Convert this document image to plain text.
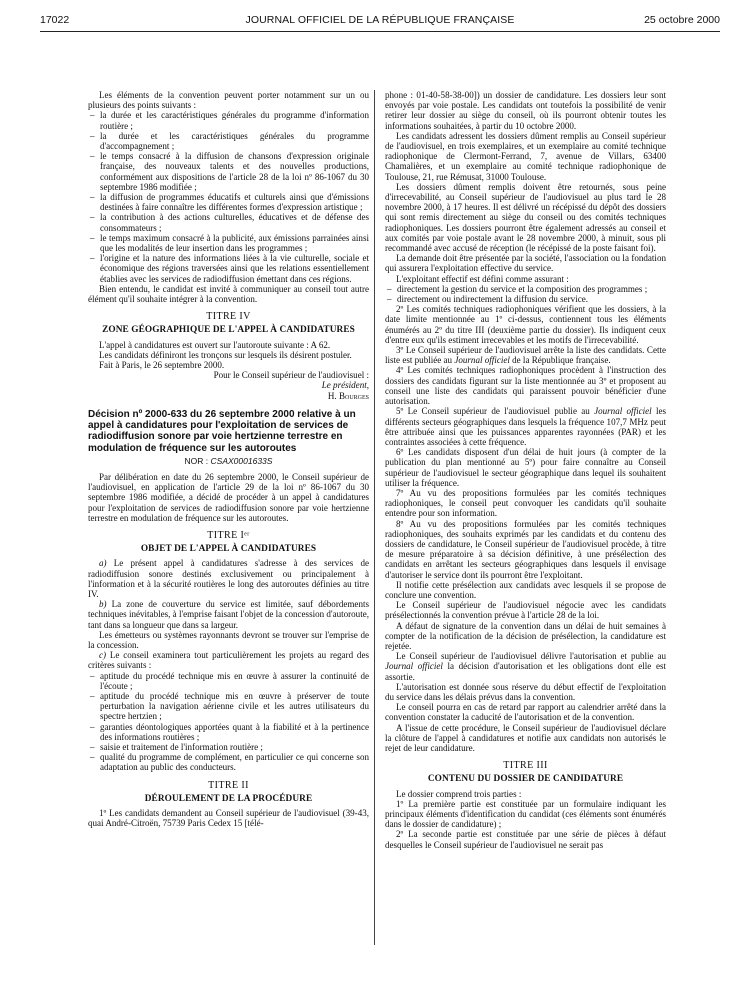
17022	JOURNAL OFFICIEL DE LA RÉPUBLIQUE FRANÇAISE	25 octobre 2000

Les éléments de la convention peuvent porter notamment sur un ou plusieurs des points suivants :

– la durée et les caractéristiques générales du programme d'information routière ;
– la durée et les caractéristiques générales du programme d'accompagnement ;
– le temps consacré à la diffusion de chansons d'expression originale française, des nouveaux talents et des nouvelles productions, conformément aux dispositions de l'article 28 de la loi nº 86-1067 du 30 septembre 1986 modifiée ;
– la diffusion de programmes éducatifs et culturels ainsi que d'émissions destinées à faire connaître les différentes formes d'expression artistique ;
– la contribution à des actions culturelles, éducatives et de défense des consommateurs ;
– le temps maximum consacré à la publicité, aux émissions parrainées ainsi que les modalités de leur insertion dans les programmes ;
– l'origine et la nature des informations liées à la vie culturelle, sociale et économique des régions traversées ainsi que les relations essentiellement établies avec les services de radiodiffusion émettant dans ces régions.

Bien entendu, le candidat est invité à communiquer au conseil tout autre élément qu'il souhaite intégrer à la convention.

TITRE IV
ZONE GÉOGRAPHIQUE DE L'APPEL À CANDIDATURES

L'appel à candidatures est ouvert sur l'autoroute suivante : A 62.

Les candidats définiront les tronçons sur lesquels ils désirent postuler.

Fait à Paris, le 26 septembre 2000.

Pour le Conseil supérieur de l'audiovisuel :

Le président,

H. Bourges

Décision nº 2000-633 du 26 septembre 2000 relative à un appel à candidatures pour l'exploitation de services de radiodiffusion sonore par voie hertzienne terrestre en modulation de fréquence sur les autoroutes
NOR : CSAX0001633S

Par délibération en date du 26 septembre 2000, le Conseil supérieur de l'audiovisuel, en application de l'article 29 de la loi nº 86-1067 du 30 septembre 1986 modifiée, a décidé de procéder à un appel à candidatures pour l'exploitation de services de radiodiffusion sonore par voie hertzienne terrestre en modulation de fréquence sur les autoroutes.

TITRE Iᵉʳ
OBJET DE L'APPEL À CANDIDATURES

a) Le présent appel à candidatures s'adresse à des services de radiodiffusion sonore destinés exclusivement ou principalement à l'information et à la sécurité routières le long des autoroutes définies au titre IV.

b) La zone de couverture du service est limitée, sauf débordements techniques inévitables, à l'emprise faisant l'objet de la concession d'autoroute, tant dans sa longueur que dans sa largeur.

Les émetteurs ou systèmes rayonnants devront se trouver sur l'emprise de la concession.

c) Le conseil examinera tout particulièrement les projets au regard des critères suivants :

– aptitude du procédé technique mis en œuvre à assurer la continuité de l'écoute ;
– aptitude du procédé technique mis en œuvre à préserver de toute perturbation la navigation aérienne civile et les autres utilisateurs du spectre hertzien ;
– garanties déontologiques apportées quant à la fiabilité et à la pertinence des informations routières ;
– saisie et traitement de l'information routière ;
– qualité du programme de complément, en particulier ce qui concerne son adaptation au public des conducteurs.
TITRE II
DÉROULEMENT DE LA PROCÉDURE

1º Les candidats demandent au Conseil supérieur de l'audiovisuel (39-43, quai André-Citroën, 75739 Paris Cedex 15 [télé-

phone : 01-40-58-38-00]) un dossier de candidature. Les dossiers leur sont envoyés par voie postale. Les candidats ont toutefois la possibilité de venir retirer leur dossier au siège du conseil, où ils pourront obtenir toutes les informations souhaitées, à partir du 10 octobre 2000.

Les candidats adressent les dossiers dûment remplis au Conseil supérieur de l'audiovisuel, en trois exemplaires, et un exemplaire au comité technique radiophonique de Clermont-Ferrand, 7, avenue de Villars, 63400 Chamalières, et un exemplaire au comité technique radiophonique de Toulouse, 21, rue Rémusat, 31000 Toulouse.

Les dossiers dûment remplis doivent être retournés, sous peine d'irrecevabilité, au Conseil supérieur de l'audiovisuel au plus tard le 28 novembre 2000, à 17 heures. Il est délivré un récépissé du dépôt des dossiers qui sont remis directement au siège du conseil ou des comités techniques radiophoniques. Les dossiers pourront être également adressés au conseil et aux comités par voie postale avant le 28 novembre 2000, à minuit, sous pli recommandé avec accusé de réception (le récépissé de la poste faisant foi).

La demande doit être présentée par la société, l'association ou la fondation qui assurera l'exploitation effective du service.

L'exploitant effectif est défini comme assurant :

– directement la gestion du service et la composition des programmes ;
– directement ou indirectement la diffusion du service.

2º Les comités techniques radiophoniques vérifient que les dossiers, à la date limite mentionnée au 1º ci-dessus, contiennent tous les éléments énumérés au 2º du titre III (deuxième partie du dossier). Ils indiquent ceux d'entre eux qu'ils estiment irrecevables et les motifs de l'irrecevabilité.

3º Le Conseil supérieur de l'audiovisuel arrête la liste des candidats. Cette liste est publiée au Journal officiel de la République française.

4º Les comités techniques radiophoniques procèdent à l'instruction des dossiers des candidats figurant sur la liste mentionnée au 3º et proposent au conseil une liste des candidats qui paraissent pouvoir bénéficier d'une autorisation.

5º Le Conseil supérieur de l'audiovisuel publie au Journal officiel les différents secteurs géographiques dans lesquels la fréquence 107,7 MHz peut être attribuée ainsi que les puissances apparentes rayonnées (PAR) et les contraintes associées à cette fréquence.

6º Les candidats disposent d'un délai de huit jours (à compter de la publication du plan mentionné au 5º) pour faire connaître au Conseil supérieur de l'audiovisuel le secteur géographique dans lequel ils souhaitent utiliser la fréquence.

7º Au vu des propositions formulées par les comités techniques radiophoniques, le conseil peut convoquer les candidats qu'il souhaite entendre pour son information.

8º Au vu des propositions formulées par les comités techniques radiophoniques, des souhaits exprimés par les candidats et du contenu des dossiers de candidature, le Conseil supérieur de l'audiovisuel procède, à titre de mesure préparatoire à sa décision définitive, à une présélection des candidats en arrêtant les secteurs géographiques dans lesquels il envisage d'autoriser le service dont ils pourront être l'exploitant.

Il notifie cette présélection aux candidats avec lesquels il se propose de conclure une convention.

Le Conseil supérieur de l'audiovisuel négocie avec les candidats présélectionnés la convention prévue à l'article 28 de la loi.

A défaut de signature de la convention dans un délai de huit semaines à compter de la notification de la décision de présélection, la candidature est rejetée.

Le Conseil supérieur de l'audiovisuel délivre l'autorisation et publie au Journal officiel la décision d'autorisation et les obligations dont elle est assortie.

L'autorisation est donnée sous réserve du début effectif de l'exploitation du service dans les délais prévus dans la convention.

Le conseil pourra en cas de retard par rapport au calendrier arrêté dans la convention constater la caducité de l'autorisation et de la convention.

A l'issue de cette procédure, le Conseil supérieur de l'audiovisuel déclare la clôture de l'appel à candidatures et notifie aux candidats non autorisés le rejet de leur candidature.

TITRE III
CONTENU DU DOSSIER DE CANDIDATURE

Le dossier comprend trois parties :

1º La première partie est constituée par un formulaire indiquant les principaux éléments d'identification du candidat (ces éléments sont énumérés dans le dossier de candidature) ;

2º La seconde partie est constituée par une série de pièces à défaut desquelles le Conseil supérieur de l'audiovisuel ne serait pas
